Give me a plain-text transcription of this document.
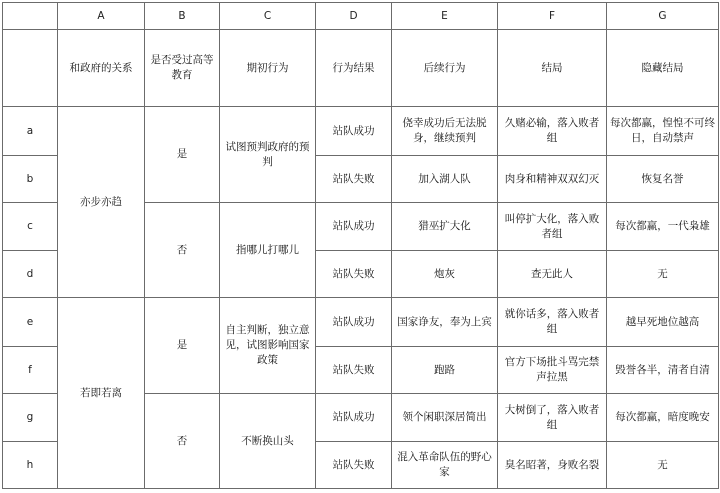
	A	B	C	D	E	F	G
	和政府的关系	是否受过高等教育	期初行为	行为结果	后续行为	结局	隐藏结局
a	亦步亦趋	是	试图预判政府的预判	站队成功	侥幸成功后无法脱身，继续预判	久赌必输，落入败者组	每次都赢，惶惶不可终日，自动禁声
b				站队失败	加入湖人队	肉身和精神双双幻灭	恢复名誉
c		否	指哪儿打哪儿	站队成功	猎巫扩大化	叫停扩大化，落入败者组	每次都赢，一代枭雄
d				站队失败	炮灰	查无此人	无
e	若即若离	是	自主判断，独立意见，试图影响国家政策	站队成功	国家诤友，奉为上宾	就你话多，落入败者组	越早死地位越高
f				站队失败	跑路	官方下场批斗骂完禁声拉黑	毁誉各半，清者自清
g		否	不断换山头	站队成功	领个闲职深居简出	大树倒了，落入败者组	每次都赢，暗度晚安
h				站队失败	混入革命队伍的野心家	臭名昭著，身败名裂	无
